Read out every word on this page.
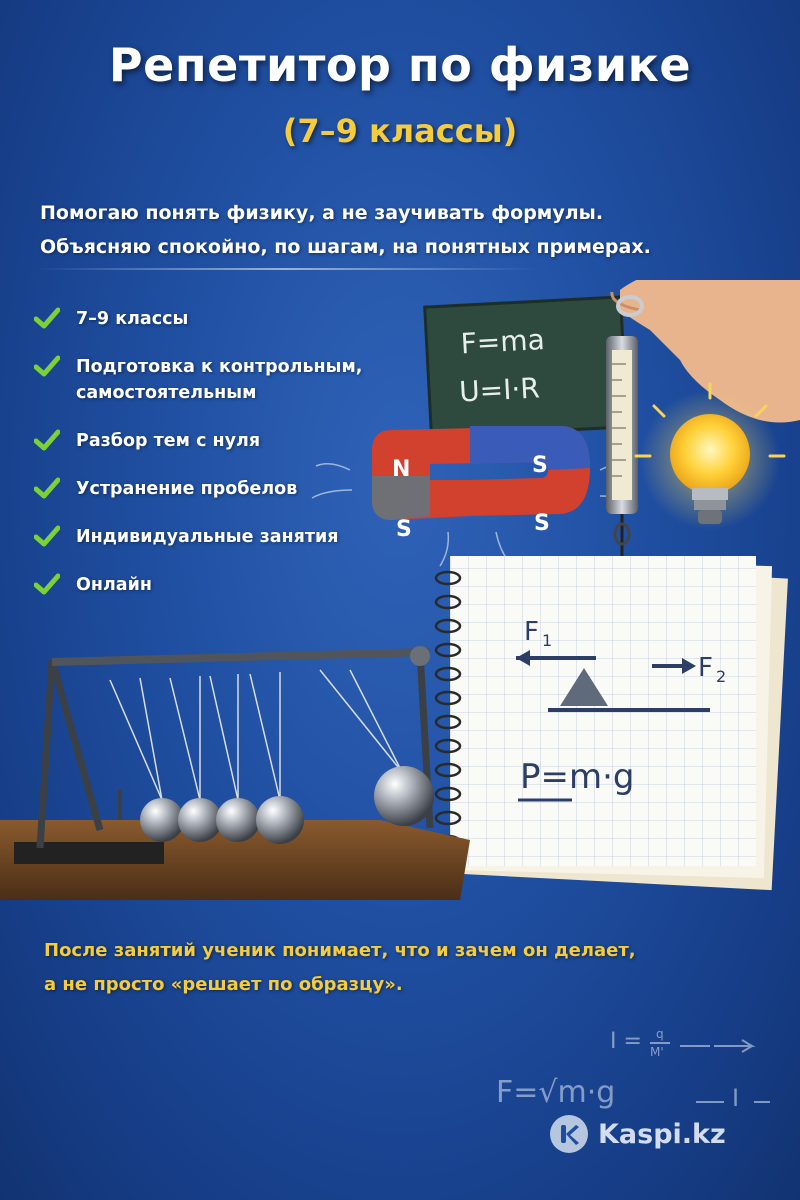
Репетитор по физике
(7–9 классы)
Помогаю понять физику, а не заучивать формулы.
Объясняю спокойно, по шагам, на понятных примерах.
F=ma
U=I·R
N	S
S	S
F 1
F 2
P=m·g
7–9 классы
Подготовка к контрольным, самостоятельным
Разбор тем с нуля
Устранение пробелов
Индивидуальные занятия
Онлайн
После занятий ученик понимает, что и зачем он делает,
а не просто «решает по образцу».
I = q
M'
F=√m·g	I
Kaspi.kz
